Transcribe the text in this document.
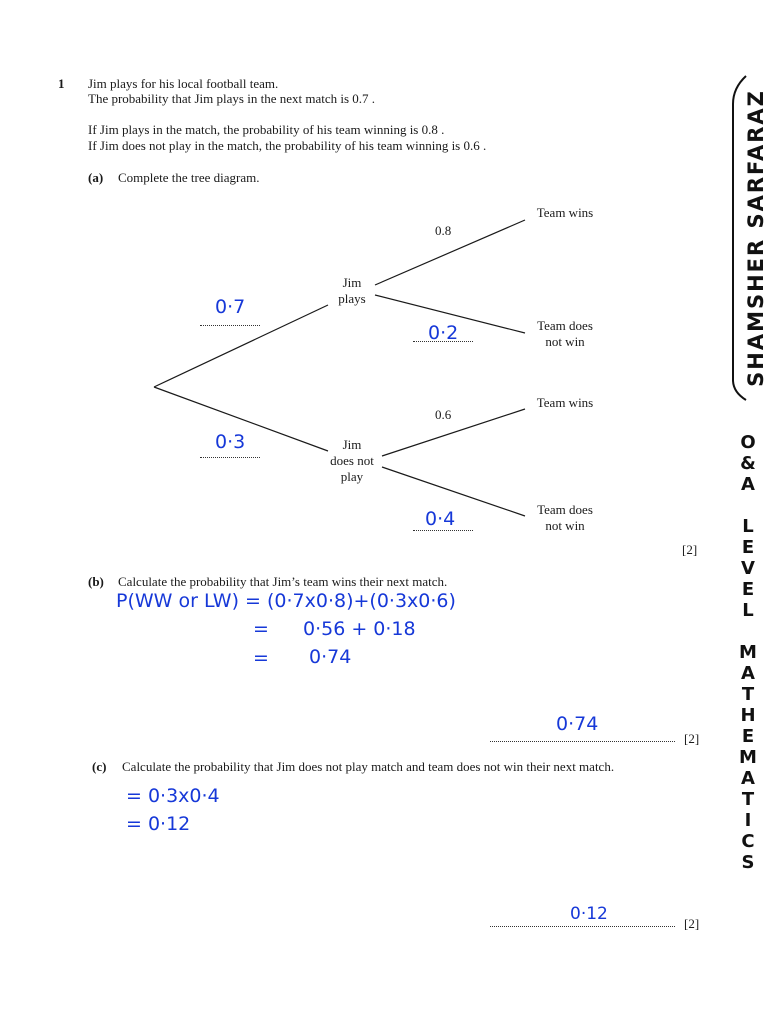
1 Jim plays for his local football team.
The probability that Jim plays in the next match is 0.7 .
If Jim plays in the match, the probability of his team winning is 0.8 .
If Jim does not play in the match, the probability of his team winning is 0.6 .
(a) Complete the tree diagram.
Jim
plays
Jim
does not
play
Team wins
Team does
not win
Team wins
Team does
not win
0.8
0.6
0·7
0·3
0·2
0·4
[2]
(b) Calculate the probability that Jim’s team wins their next match.
P(WW or LW) = (0·7x0·8)+(0·3x0·6)
= 0·56 + 0·18
= 0·74
0·74
[2]
(c) Calculate the probability that Jim does not play match and team does not win their next match.
= 0·3x0·4
= 0·12
0·12	[2]
SHAMSHER SARFARAZ
O
&
A
L
E
V
E
L
M
A
T
H
E
M
A
T
I
C
S
